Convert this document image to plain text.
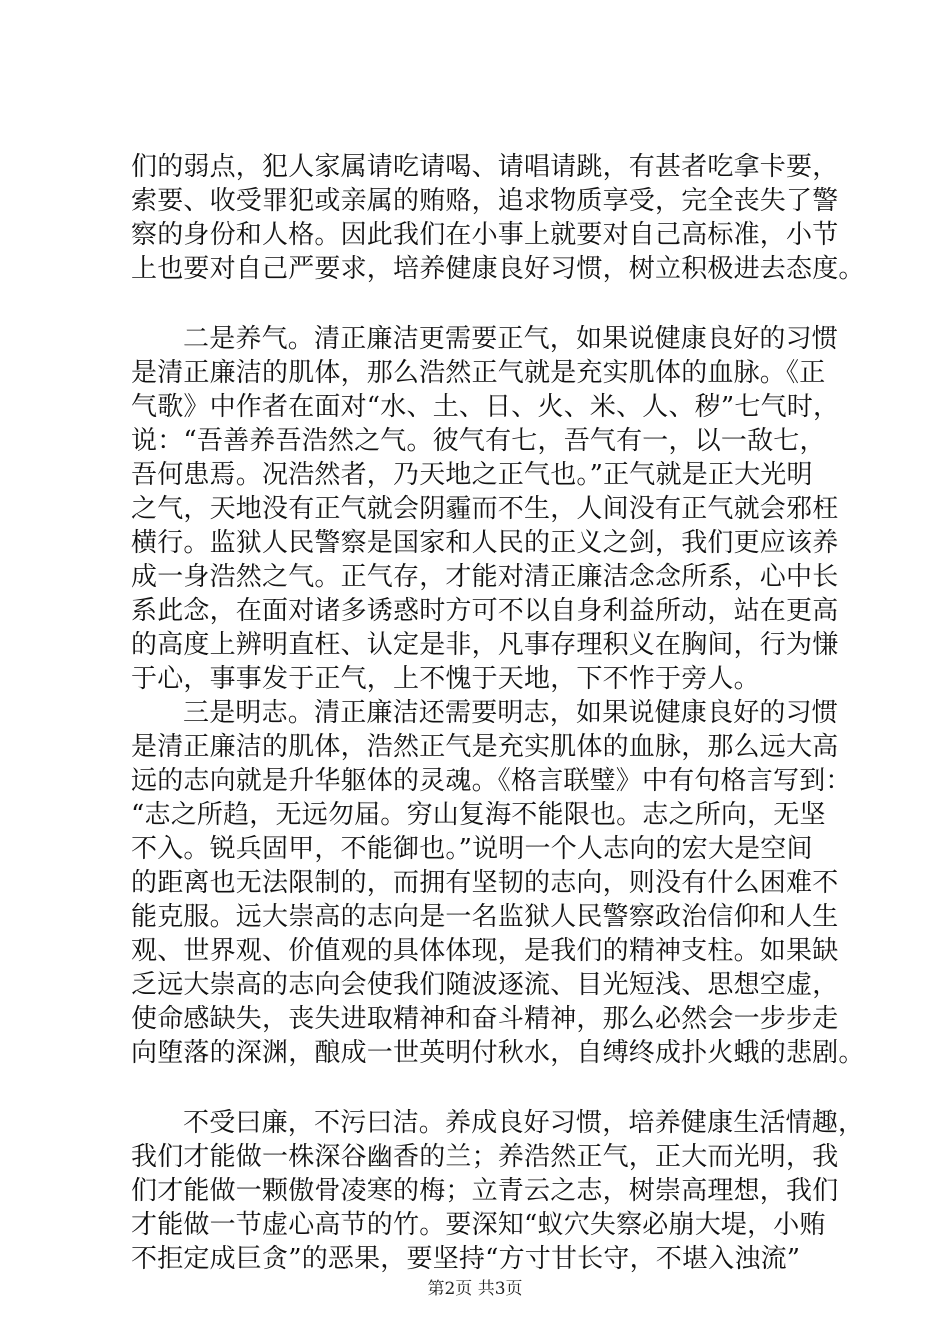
们的弱点，犯人家属请吃请喝、请唱请跳，有甚者吃拿卡要，
索要、收受罪犯或亲属的贿赂，追求物质享受，完全丧失了警
察的身份和人格。因此我们在小事上就要对自己高标准，小节
上也要对自己严要求，培养健康良好习惯，树立积极进去态度。
二是养气。清正廉洁更需要正气，如果说健康良好的习惯
是清正廉洁的肌体，那么浩然正气就是充实肌体的血脉。《正
气歌》中作者在面对“水、土、日、火、米、人、秽”七气时，
说：“吾善养吾浩然之气。彼气有七，吾气有一，以一敌七，
吾何患焉。况浩然者，乃天地之正气也。”正气就是正大光明
之气，天地没有正气就会阴霾而不生，人间没有正气就会邪枉
横行。监狱人民警察是国家和人民的正义之剑，我们更应该养
成一身浩然之气。正气存，才能对清正廉洁念念所系，心中长
系此念，在面对诸多诱惑时方可不以自身利益所动，站在更高
的高度上辨明直枉、认定是非，凡事存理积义在胸间，行为慊
于心，事事发于正气，上不愧于天地，下不怍于旁人。
三是明志。清正廉洁还需要明志，如果说健康良好的习惯
是清正廉洁的肌体，浩然正气是充实肌体的血脉，那么远大高
远的志向就是升华躯体的灵魂。《格言联璧》中有句格言写到：
“志之所趋，无远勿届。穷山复海不能限也。志之所向，无坚
不入。锐兵固甲，不能御也。”说明一个人志向的宏大是空间
的距离也无法限制的，而拥有坚韧的志向，则没有什么困难不
能克服。远大崇高的志向是一名监狱人民警察政治信仰和人生
观、世界观、价值观的具体体现，是我们的精神支柱。如果缺
乏远大崇高的志向会使我们随波逐流、目光短浅、思想空虚，
使命感缺失，丧失进取精神和奋斗精神，那么必然会一步步走
向堕落的深渊，酿成一世英明付秋水，自缚终成扑火蛾的悲剧。
不受曰廉，不污曰洁。养成良好习惯，培养健康生活情趣，
我们才能做一株深谷幽香的兰；养浩然正气，正大而光明，我
们才能做一颗傲骨凌寒的梅；立青云之志，树崇高理想，我们
才能做一节虚心高节的竹。要深知“蚁穴失察必崩大堤，小贿
不拒定成巨贪”的恶果，要坚持“方寸甘长守，不堪入浊流”
第2页 共3页
